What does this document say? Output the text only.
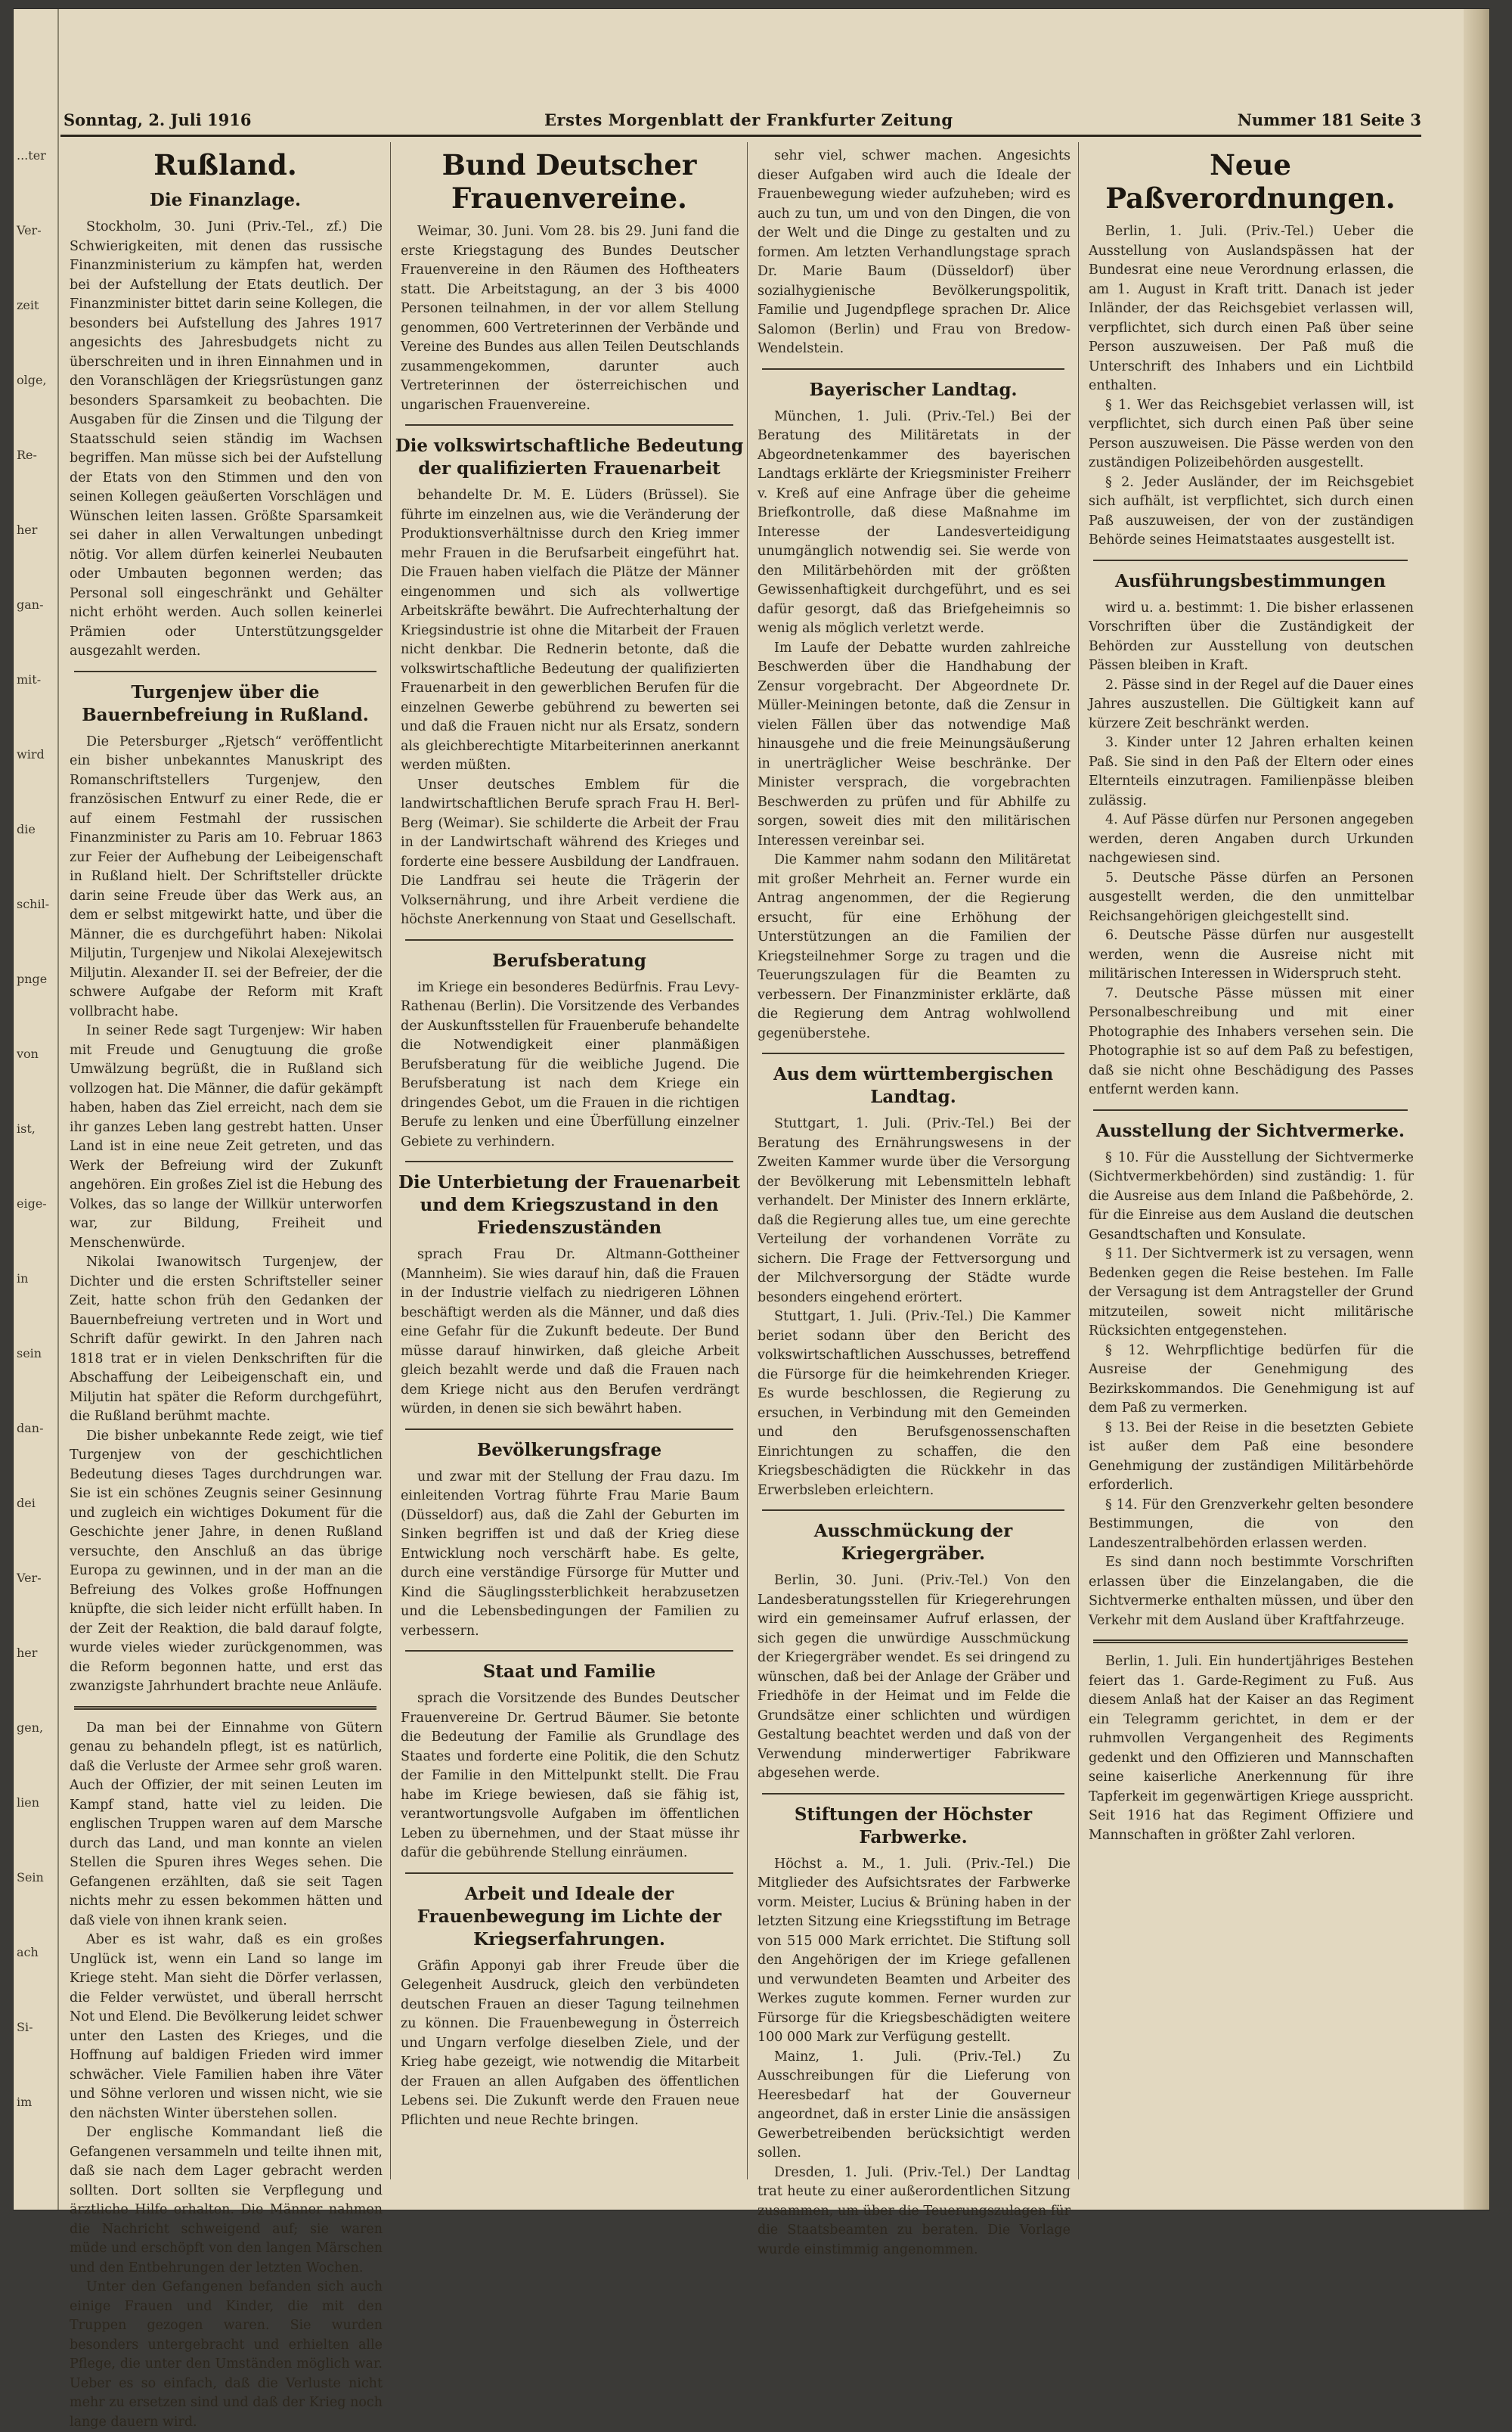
...ter
Ver-
zeit
olge,
Re-
her
gan-
mit-
wird
die
schil-
pnge
von
ist,
eige-
in
sein
dan-
dei
Ver-
her
gen,
lien
Sein
ach
Si-
im
Sonntag, 2. Juli 1916	Erstes Morgenblatt der Frankfurter Zeitung	Nummer 181 Seite 3
Rußland.
Die Finanzlage.
Stockholm, 30. Juni (Priv.-Tel., zf.) Die Schwierigkeiten, mit denen das russische Finanzministerium zu kämpfen hat, werden bei der Aufstellung der Etats deutlich. Der Finanzminister bittet darin seine Kollegen, die besonders bei Aufstellung des Jahres 1917 angesichts des Jahresbudgets nicht zu überschreiten und in ihren Einnahmen und in den Voranschlägen der Kriegsrüstungen ganz besonders Sparsamkeit zu beobachten. Die Ausgaben für die Zinsen und die Tilgung der Staatsschuld seien ständig im Wachsen begriffen. Man müsse sich bei der Aufstellung der Etats von den Stimmen und den von seinen Kollegen geäußerten Vorschlägen und Wünschen leiten lassen. Größte Sparsamkeit sei daher in allen Verwaltungen unbedingt nötig. Vor allem dürfen keinerlei Neubauten oder Umbauten begonnen werden; das Personal soll eingeschränkt und Gehälter nicht erhöht werden. Auch sollen keinerlei Prämien oder Unterstützungsgelder ausgezahlt werden.
Turgenjew über die Bauernbefreiung in Rußland.
Die Petersburger „Rjetsch“ veröffentlicht ein bisher unbekanntes Manuskript des Romanschriftstellers Turgenjew, den französischen Entwurf zu einer Rede, die er auf einem Festmahl der russischen Finanzminister zu Paris am 10. Februar 1863 zur Feier der Aufhebung der Leibeigenschaft in Rußland hielt. Der Schriftsteller drückte darin seine Freude über das Werk aus, an dem er selbst mitgewirkt hatte, und über die Männer, die es durchgeführt haben: Nikolai Miljutin, Turgenjew und Nikolai Alexejewitsch Miljutin. Alexander II. sei der Befreier, der die schwere Aufgabe der Reform mit Kraft vollbracht habe.
In seiner Rede sagt Turgenjew: Wir haben mit Freude und Genugtuung die große Umwälzung begrüßt, die in Rußland sich vollzogen hat. Die Männer, die dafür gekämpft haben, haben das Ziel erreicht, nach dem sie ihr ganzes Leben lang gestrebt hatten. Unser Land ist in eine neue Zeit getreten, und das Werk der Befreiung wird der Zukunft angehören. Ein großes Ziel ist die Hebung des Volkes, das so lange der Willkür unterworfen war, zur Bildung, Freiheit und Menschenwürde.
Nikolai Iwanowitsch Turgenjew, der Dichter und die ersten Schriftsteller seiner Zeit, hatte schon früh den Gedanken der Bauernbefreiung vertreten und in Wort und Schrift dafür gewirkt. In den Jahren nach 1818 trat er in vielen Denkschriften für die Abschaffung der Leibeigenschaft ein, und Miljutin hat später die Reform durchgeführt, die Rußland berühmt machte.
Die bisher unbekannte Rede zeigt, wie tief Turgenjew von der geschichtlichen Bedeutung dieses Tages durchdrungen war. Sie ist ein schönes Zeugnis seiner Gesinnung und zugleich ein wichtiges Dokument für die Geschichte jener Jahre, in denen Rußland versuchte, den Anschluß an das übrige Europa zu gewinnen, und in der man an die Befreiung des Volkes große Hoffnungen knüpfte, die sich leider nicht erfüllt haben. In der Zeit der Reaktion, die bald darauf folgte, wurde vieles wieder zurückgenommen, was die Reform begonnen hatte, und erst das zwanzigste Jahrhundert brachte neue Anläufe.
Da man bei der Einnahme von Gütern genau zu behandeln pflegt, ist es natürlich, daß die Verluste der Armee sehr groß waren. Auch der Offizier, der mit seinen Leuten im Kampf stand, hatte viel zu leiden. Die englischen Truppen waren auf dem Marsche durch das Land, und man konnte an vielen Stellen die Spuren ihres Weges sehen. Die Gefangenen erzählten, daß sie seit Tagen nichts mehr zu essen bekommen hätten und daß viele von ihnen krank seien.
Aber es ist wahr, daß es ein großes Unglück ist, wenn ein Land so lange im Kriege steht. Man sieht die Dörfer verlassen, die Felder verwüstet, und überall herrscht Not und Elend. Die Bevölkerung leidet schwer unter den Lasten des Krieges, und die Hoffnung auf baldigen Frieden wird immer schwächer. Viele Familien haben ihre Väter und Söhne verloren und wissen nicht, wie sie den nächsten Winter überstehen sollen.
Der englische Kommandant ließ die Gefangenen versammeln und teilte ihnen mit, daß sie nach dem Lager gebracht werden sollten. Dort sollten sie Verpflegung und ärztliche Hilfe erhalten. Die Männer nahmen die Nachricht schweigend auf; sie waren müde und erschöpft von den langen Märschen und den Entbehrungen der letzten Wochen.
Unter den Gefangenen befanden sich auch einige Frauen und Kinder, die mit den Truppen gezogen waren. Sie wurden besonders untergebracht und erhielten alle Pflege, die unter den Umständen möglich war. Ueber es so einfach, daß die Verluste nicht mehr zu ersetzen sind und daß der Krieg noch lange dauern wird.
Bund Deutscher Frauenvereine.
Weimar, 30. Juni. Vom 28. bis 29. Juni fand die erste Kriegstagung des Bundes Deutscher Frauenvereine in den Räumen des Hoftheaters statt. Die Arbeitstagung, an der 3 bis 4000 Personen teilnahmen, in der vor allem Stellung genommen, 600 Vertreterinnen der Verbände und Vereine des Bundes aus allen Teilen Deutschlands zusammengekommen, darunter auch Vertreterinnen der österreichischen und ungarischen Frauenvereine.
Die volkswirtschaftliche Bedeutung der qualifizierten Frauenarbeit
behandelte Dr. M. E. Lüders (Brüssel). Sie führte im einzelnen aus, wie die Veränderung der Produktionsverhältnisse durch den Krieg immer mehr Frauen in die Berufsarbeit eingeführt hat. Die Frauen haben vielfach die Plätze der Männer eingenommen und sich als vollwertige Arbeitskräfte bewährt. Die Aufrechterhaltung der Kriegsindustrie ist ohne die Mitarbeit der Frauen nicht denkbar. Die Rednerin betonte, daß die volkswirtschaftliche Bedeutung der qualifizierten Frauenarbeit in den gewerblichen Berufen für die einzelnen Gewerbe gebührend zu bewerten sei und daß die Frauen nicht nur als Ersatz, sondern als gleichberechtigte Mitarbeiterinnen anerkannt werden müßten.
Unser deutsches Emblem für die landwirtschaftlichen Berufe sprach Frau H. Berl-Berg (Weimar). Sie schilderte die Arbeit der Frau in der Landwirtschaft während des Krieges und forderte eine bessere Ausbildung der Landfrauen. Die Landfrau sei heute die Trägerin der Volksernährung, und ihre Arbeit verdiene die höchste Anerkennung von Staat und Gesellschaft.
Berufsberatung
im Kriege ein besonderes Bedürfnis. Frau Levy-Rathenau (Berlin). Die Vorsitzende des Verbandes der Auskunftsstellen für Frauenberufe behandelte die Notwendigkeit einer planmäßigen Berufsberatung für die weibliche Jugend. Die Berufsberatung ist nach dem Kriege ein dringendes Gebot, um die Frauen in die richtigen Berufe zu lenken und eine Überfüllung einzelner Gebiete zu verhindern.
Die Unterbietung der Frauenarbeit und dem Kriegszustand in den Friedenszuständen
sprach Frau Dr. Altmann-Gottheiner (Mannheim). Sie wies darauf hin, daß die Frauen in der Industrie vielfach zu niedrigeren Löhnen beschäftigt werden als die Männer, und daß dies eine Gefahr für die Zukunft bedeute. Der Bund müsse darauf hinwirken, daß gleiche Arbeit gleich bezahlt werde und daß die Frauen nach dem Kriege nicht aus den Berufen verdrängt würden, in denen sie sich bewährt haben.
Bevölkerungsfrage
und zwar mit der Stellung der Frau dazu. Im einleitenden Vortrag führte Frau Marie Baum (Düsseldorf) aus, daß die Zahl der Geburten im Sinken begriffen ist und daß der Krieg diese Entwicklung noch verschärft habe. Es gelte, durch eine verständige Fürsorge für Mutter und Kind die Säuglingssterblichkeit herabzusetzen und die Lebensbedingungen der Familien zu verbessern.
Staat und Familie
sprach die Vorsitzende des Bundes Deutscher Frauenvereine Dr. Gertrud Bäumer. Sie betonte die Bedeutung der Familie als Grundlage des Staates und forderte eine Politik, die den Schutz der Familie in den Mittelpunkt stellt. Die Frau habe im Kriege bewiesen, daß sie fähig ist, verantwortungsvolle Aufgaben im öffentlichen Leben zu übernehmen, und der Staat müsse ihr dafür die gebührende Stellung einräumen.
Arbeit und Ideale der Frauenbewegung im Lichte der Kriegserfahrungen.
Gräfin Apponyi gab ihrer Freude über die Gelegenheit Ausdruck, gleich den verbündeten deutschen Frauen an dieser Tagung teilnehmen zu können. Die Frauenbewegung in Österreich und Ungarn verfolge dieselben Ziele, und der Krieg habe gezeigt, wie notwendig die Mitarbeit der Frauen an allen Aufgaben des öffentlichen Lebens sei. Die Zukunft werde den Frauen neue Pflichten und neue Rechte bringen.
sehr viel, schwer machen. Angesichts dieser Aufgaben wird auch die Ideale der Frauenbewegung wieder aufzuheben; wird es auch zu tun, um und von den Dingen, die von der Welt und die Dinge zu gestalten und zu formen. Am letzten Verhandlungstage sprach Dr. Marie Baum (Düsseldorf) über sozialhygienische Bevölkerungspolitik, Familie und Jugendpflege sprachen Dr. Alice Salomon (Berlin) und Frau von Bredow-Wendelstein.
Bayerischer Landtag.
München, 1. Juli. (Priv.-Tel.) Bei der Beratung des Militäretats in der Abgeordnetenkammer des bayerischen Landtags erklärte der Kriegsminister Freiherr v. Kreß auf eine Anfrage über die geheime Briefkontrolle, daß diese Maßnahme im Interesse der Landesverteidigung unumgänglich notwendig sei. Sie werde von den Militärbehörden mit der größten Gewissenhaftigkeit durchgeführt, und es sei dafür gesorgt, daß das Briefgeheimnis so wenig als möglich verletzt werde.
Im Laufe der Debatte wurden zahlreiche Beschwerden über die Handhabung der Zensur vorgebracht. Der Abgeordnete Dr. Müller-Meiningen betonte, daß die Zensur in vielen Fällen über das notwendige Maß hinausgehe und die freie Meinungsäußerung in unerträglicher Weise beschränke. Der Minister versprach, die vorgebrachten Beschwerden zu prüfen und für Abhilfe zu sorgen, soweit dies mit den militärischen Interessen vereinbar sei.
Die Kammer nahm sodann den Militäretat mit großer Mehrheit an. Ferner wurde ein Antrag angenommen, der die Regierung ersucht, für eine Erhöhung der Unterstützungen an die Familien der Kriegsteilnehmer Sorge zu tragen und die Teuerungszulagen für die Beamten zu verbessern. Der Finanzminister erklärte, daß die Regierung dem Antrag wohlwollend gegenüberstehe.
Aus dem württembergischen Landtag.
Stuttgart, 1. Juli. (Priv.-Tel.) Bei der Beratung des Ernährungswesens in der Zweiten Kammer wurde über die Versorgung der Bevölkerung mit Lebensmitteln lebhaft verhandelt. Der Minister des Innern erklärte, daß die Regierung alles tue, um eine gerechte Verteilung der vorhandenen Vorräte zu sichern. Die Frage der Fettversorgung und der Milchversorgung der Städte wurde besonders eingehend erörtert.
Stuttgart, 1. Juli. (Priv.-Tel.) Die Kammer beriet sodann über den Bericht des volkswirtschaftlichen Ausschusses, betreffend die Fürsorge für die heimkehrenden Krieger. Es wurde beschlossen, die Regierung zu ersuchen, in Verbindung mit den Gemeinden und den Berufsgenossenschaften Einrichtungen zu schaffen, die den Kriegsbeschädigten die Rückkehr in das Erwerbsleben erleichtern.
Ausschmückung der Kriegergräber.
Berlin, 30. Juni. (Priv.-Tel.) Von den Landesberatungsstellen für Kriegerehrungen wird ein gemeinsamer Aufruf erlassen, der sich gegen die unwürdige Ausschmückung der Kriegergräber wendet. Es sei dringend zu wünschen, daß bei der Anlage der Gräber und Friedhöfe in der Heimat und im Felde die Grundsätze einer schlichten und würdigen Gestaltung beachtet werden und daß von der Verwendung minderwertiger Fabrikware abgesehen werde.
Stiftungen der Höchster Farbwerke.
Höchst a. M., 1. Juli. (Priv.-Tel.) Die Mitglieder des Aufsichtsrates der Farbwerke vorm. Meister, Lucius & Brüning haben in der letzten Sitzung eine Kriegsstiftung im Betrage von 515 000 Mark errichtet. Die Stiftung soll den Angehörigen der im Kriege gefallenen und verwundeten Beamten und Arbeiter des Werkes zugute kommen. Ferner wurden zur Fürsorge für die Kriegsbeschädigten weitere 100 000 Mark zur Verfügung gestellt.
Mainz, 1. Juli. (Priv.-Tel.) Zu Ausschreibungen für die Lieferung von Heeresbedarf hat der Gouverneur angeordnet, daß in erster Linie die ansässigen Gewerbetreibenden berücksichtigt werden sollen.
Dresden, 1. Juli. (Priv.-Tel.) Der Landtag trat heute zu einer außerordentlichen Sitzung zusammen, um über die Teuerungszulagen für die Staatsbeamten zu beraten. Die Vorlage wurde einstimmig angenommen.
Neue Paßverordnungen.
Berlin, 1. Juli. (Priv.-Tel.) Ueber die Ausstellung von Auslandspässen hat der Bundesrat eine neue Verordnung erlassen, die am 1. August in Kraft tritt. Danach ist jeder Inländer, der das Reichsgebiet verlassen will, verpflichtet, sich durch einen Paß über seine Person auszuweisen. Der Paß muß die Unterschrift des Inhabers und ein Lichtbild enthalten.
§ 1. Wer das Reichsgebiet verlassen will, ist verpflichtet, sich durch einen Paß über seine Person auszuweisen. Die Pässe werden von den zuständigen Polizeibehörden ausgestellt.
§ 2. Jeder Ausländer, der im Reichsgebiet sich aufhält, ist verpflichtet, sich durch einen Paß auszuweisen, der von der zuständigen Behörde seines Heimatstaates ausgestellt ist.
Ausführungsbestimmungen
wird u. a. bestimmt: 1. Die bisher erlassenen Vorschriften über die Zuständigkeit der Behörden zur Ausstellung von deutschen Pässen bleiben in Kraft.
2. Pässe sind in der Regel auf die Dauer eines Jahres auszustellen. Die Gültigkeit kann auf kürzere Zeit beschränkt werden.
3. Kinder unter 12 Jahren erhalten keinen Paß. Sie sind in den Paß der Eltern oder eines Elternteils einzutragen. Familienpässe bleiben zulässig.
4. Auf Pässe dürfen nur Personen angegeben werden, deren Angaben durch Urkunden nachgewiesen sind.
5. Deutsche Pässe dürfen an Personen ausgestellt werden, die den unmittelbar Reichsangehörigen gleichgestellt sind.
6. Deutsche Pässe dürfen nur ausgestellt werden, wenn die Ausreise nicht mit militärischen Interessen in Widerspruch steht.
7. Deutsche Pässe müssen mit einer Personalbeschreibung und mit einer Photographie des Inhabers versehen sein. Die Photographie ist so auf dem Paß zu befestigen, daß sie nicht ohne Beschädigung des Passes entfernt werden kann.
Ausstellung der Sichtvermerke.
§ 10. Für die Ausstellung der Sichtvermerke (Sichtvermerkbehörden) sind zuständig: 1. für die Ausreise aus dem Inland die Paßbehörde, 2. für die Einreise aus dem Ausland die deutschen Gesandtschaften und Konsulate.
§ 11. Der Sichtvermerk ist zu versagen, wenn Bedenken gegen die Reise bestehen. Im Falle der Versagung ist dem Antragsteller der Grund mitzuteilen, soweit nicht militärische Rücksichten entgegenstehen.
§ 12. Wehrpflichtige bedürfen für die Ausreise der Genehmigung des Bezirkskommandos. Die Genehmigung ist auf dem Paß zu vermerken.
§ 13. Bei der Reise in die besetzten Gebiete ist außer dem Paß eine besondere Genehmigung der zuständigen Militärbehörde erforderlich.
§ 14. Für den Grenzverkehr gelten besondere Bestimmungen, die von den Landeszentralbehörden erlassen werden.
Es sind dann noch bestimmte Vorschriften erlassen über die Einzelangaben, die die Sichtvermerke enthalten müssen, und über den Verkehr mit dem Ausland über Kraftfahrzeuge.
Berlin, 1. Juli. Ein hundertjähriges Bestehen feiert das 1. Garde-Regiment zu Fuß. Aus diesem Anlaß hat der Kaiser an das Regiment ein Telegramm gerichtet, in dem er der ruhmvollen Vergangenheit des Regiments gedenkt und den Offizieren und Mannschaften seine kaiserliche Anerkennung für ihre Tapferkeit im gegenwärtigen Kriege ausspricht. Seit 1916 hat das Regiment Offiziere und Mannschaften in größter Zahl verloren.
